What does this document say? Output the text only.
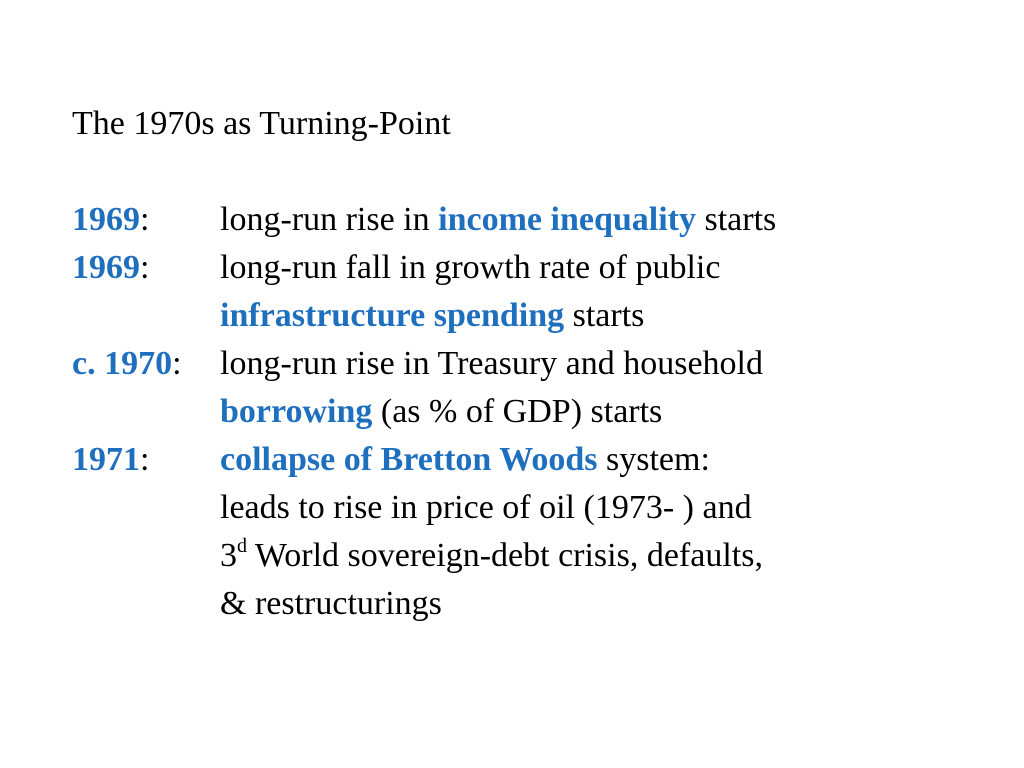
The 1970s as Turning-Point
1969: long-run rise in income inequality starts
1969: long-run fall in growth rate of public
infrastructure spending starts
c. 1970: long-run rise in Treasury and household
borrowing (as % of GDP) starts
1971: collapse of Bretton Woods system:
leads to rise in price of oil (1973- ) and
3$^d$ World sovereign-debt crisis, defaults,
& restructurings
